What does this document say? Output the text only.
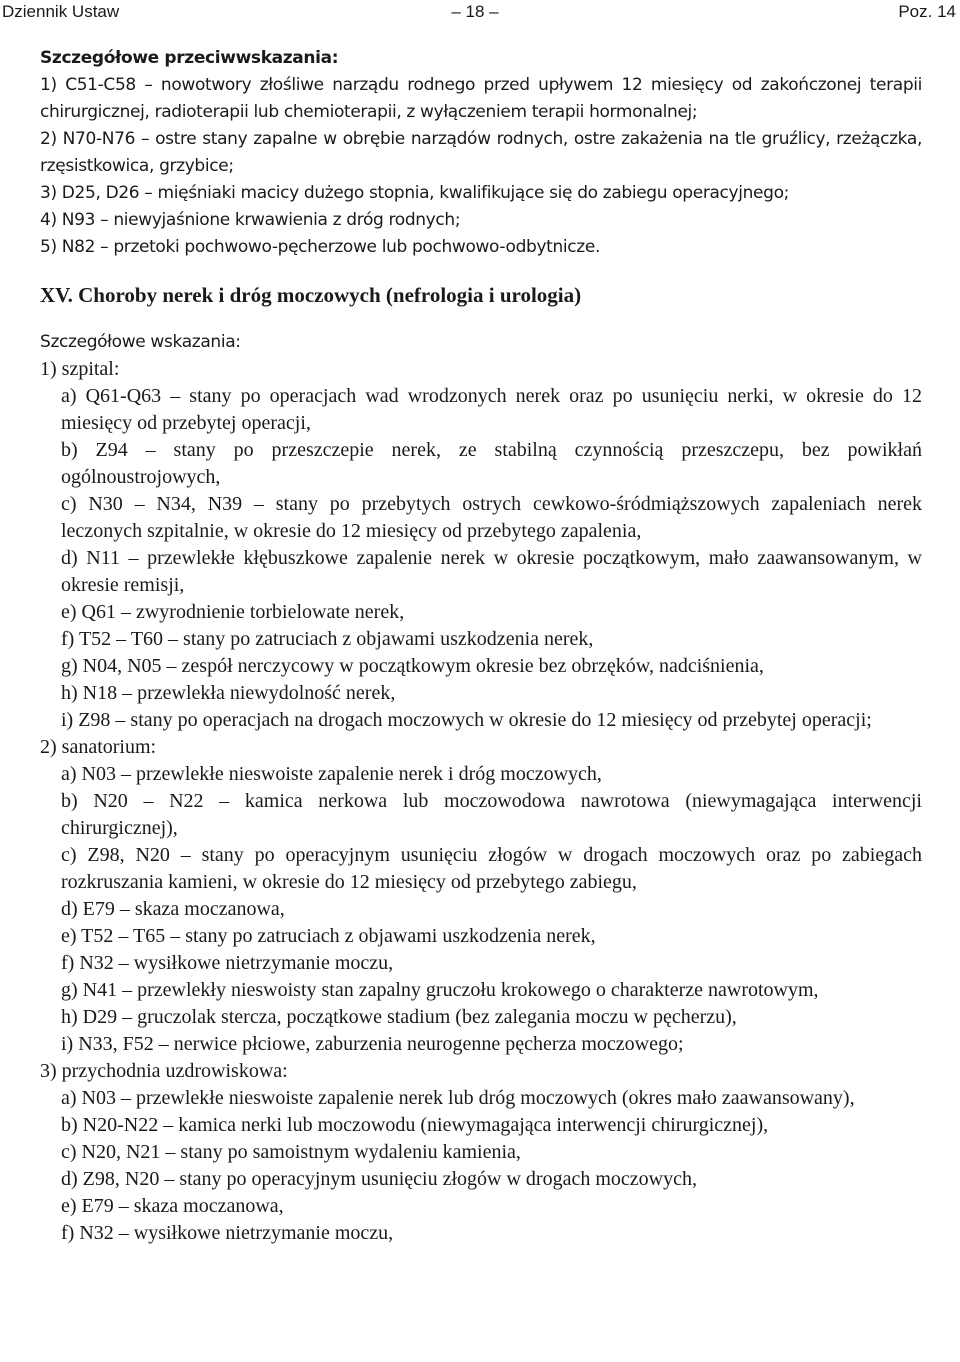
Dziennik Ustaw	– 18 –	Poz. 14

Szczegółowe przeciwwskazania:

1) C51-C58 – nowotwory złośliwe narządu rodnego przed upływem 12 miesięcy od zakończonej terapii chirurgicznej, radioterapii lub chemioterapii, z wyłączeniem terapii hormonalnej;

2) N70-N76 – ostre stany zapalne w obrębie narządów rodnych, ostre zakażenia na tle gruźlicy, rzeżączka, rzęsistkowica, grzybice;

3) D25, D26 – mięśniaki macicy dużego stopnia, kwalifikujące się do zabiegu operacyjnego;

4) N93 – niewyjaśnione krwawienia z dróg rodnych;

5) N82 – przetoki pochwowo-pęcherzowe lub pochwowo-odbytnicze.

XV. Choroby nerek i dróg moczowych (nefrologia i urologia)

Szczegółowe wskazania:

1) szpital:

a) Q61-Q63 – stany po operacjach wad wrodzonych nerek oraz po usunięciu nerki, w okresie do 12 miesięcy od przebytej operacji,

b) Z94 – stany po przeszczepie nerek, ze stabilną czynnością przeszczepu, bez powikłań ogólnoustrojowych,

c) N30 – N34, N39 – stany po przebytych ostrych cewkowo-śródmiąższowych zapaleniach nerek leczonych szpitalnie, w okresie do 12 miesięcy od przebytego zapalenia,

d) N11 – przewlekłe kłębuszkowe zapalenie nerek w okresie początkowym, mało zaawansowanym, w okresie remisji,

e) Q61 – zwyrodnienie torbielowate nerek,

f) T52 – T60 – stany po zatruciach z objawami uszkodzenia nerek,

g) N04, N05 – zespół nerczycowy w początkowym okresie bez obrzęków, nadciśnienia,

h) N18 – przewlekła niewydolność nerek,

i) Z98 – stany po operacjach na drogach moczowych w okresie do 12 miesięcy od przebytej operacji;

2) sanatorium:

a) N03 – przewlekłe nieswoiste zapalenie nerek i dróg moczowych,

b) N20 – N22 – kamica nerkowa lub moczowodowa nawrotowa (niewymagająca interwencji chirurgicznej),

c) Z98, N20 – stany po operacyjnym usunięciu złogów w drogach moczowych oraz po zabiegach rozkruszania kamieni, w okresie do 12 miesięcy od przebytego zabiegu,

d) E79 – skaza moczanowa,

e) T52 – T65 – stany po zatruciach z objawami uszkodzenia nerek,

f) N32 – wysiłkowe nietrzymanie moczu,

g) N41 – przewlekły nieswoisty stan zapalny gruczołu krokowego o charakterze nawrotowym,

h) D29 – gruczolak stercza, początkowe stadium (bez zalegania moczu w pęcherzu),

i) N33, F52 – nerwice płciowe, zaburzenia neurogenne pęcherza moczowego;

3) przychodnia uzdrowiskowa:

a) N03 – przewlekłe nieswoiste zapalenie nerek lub dróg moczowych (okres mało zaawansowany),

b) N20-N22 – kamica nerki lub moczowodu (niewymagająca interwencji chirurgicznej),

c) N20, N21 – stany po samoistnym wydaleniu kamienia,

d) Z98, N20 – stany po operacyjnym usunięciu złogów w drogach moczowych,

e) E79 – skaza moczanowa,

f) N32 – wysiłkowe nietrzymanie moczu,
